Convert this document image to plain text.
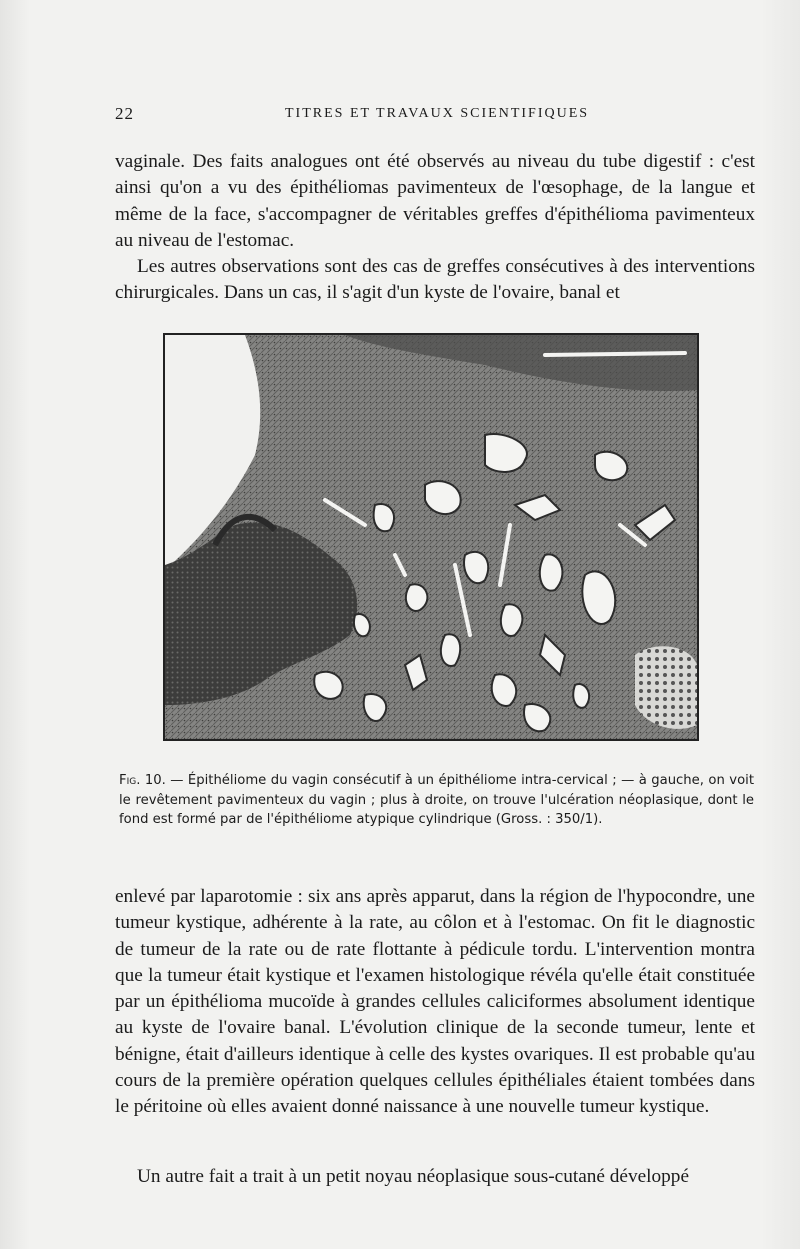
22	TITRES ET TRAVAUX SCIENTIFIQUES

vaginale. Des faits analogues ont été observés au niveau du tube digestif : c'est ainsi qu'on a vu des épithéliomas pavimenteux de l'œsophage, de la langue et même de la face, s'accompagner de véritables greffes d'épithélioma pavimenteux au niveau de l'estomac.

Les autres observations sont des cas de greffes consécutives à des interventions chirurgicales. Dans un cas, il s'agit d'un kyste de l'ovaire, banal et

Fig. 10. — Épithéliome du vagin consécutif à un épithéliome intra-cervical ; — à gauche, on voit le revêtement pavimenteux du vagin ; plus à droite, on trouve l'ulcération néoplasique, dont le fond est formé par de l'épithéliome atypique cylindrique (Gross. : 350/1).

enlevé par laparotomie : six ans après apparut, dans la région de l'hypocondre, une tumeur kystique, adhérente à la rate, au côlon et à l'estomac. On fit le diagnostic de tumeur de la rate ou de rate flottante à pédicule tordu. L'intervention montra que la tumeur était kystique et l'examen histologique révéla qu'elle était constituée par un épithélioma mucoïde à grandes cellules caliciformes absolument identique au kyste de l'ovaire banal. L'évolution clinique de la seconde tumeur, lente et bénigne, était d'ailleurs identique à celle des kystes ovariques. Il est probable qu'au cours de la première opération quelques cellules épithéliales étaient tombées dans le péritoine où elles avaient donné naissance à une nouvelle tumeur kystique.

Un autre fait a trait à un petit noyau néoplasique sous-cutané développé
